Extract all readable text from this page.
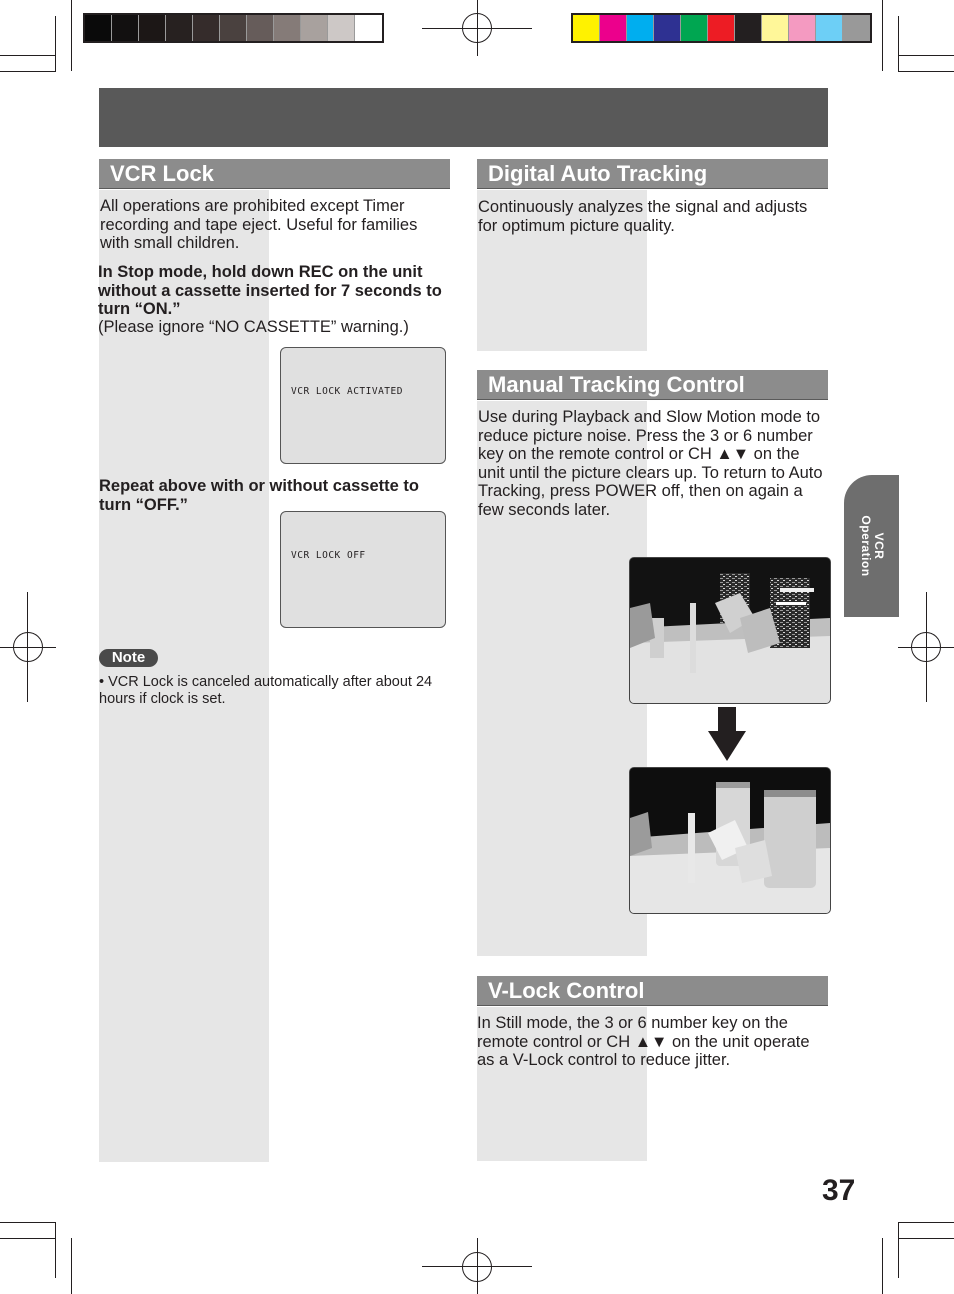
VCR Lock
All operations are prohibited except Timer recording and tape eject. Useful for families with small children.
In Stop mode, hold down REC on the unit without a cassette inserted for 7 seconds to turn “ON.”
(Please ignore “NO CASSETTE” warning.)
VCR LOCK ACTIVATED
Repeat above with or without cassette to turn “OFF.”
VCR LOCK OFF
Note
• VCR Lock is canceled automatically after about 24 hours if clock is set.
Digital Auto Tracking
Continuously analyzes the signal and adjusts for optimum picture quality.
Manual Tracking Control
Use during Playback and Slow Motion mode to reduce picture noise. Press the 3 or 6 number key on the remote control or CH ▲▼ on the unit until the picture clears up. To return to Auto Tracking, press POWER off, then on again a few seconds later.
V-Lock Control
In Still mode, the 3 or 6 number key on the remote control or CH ▲▼ on the unit operate as a V-Lock control to reduce jitter.
VCR
Operation
37
